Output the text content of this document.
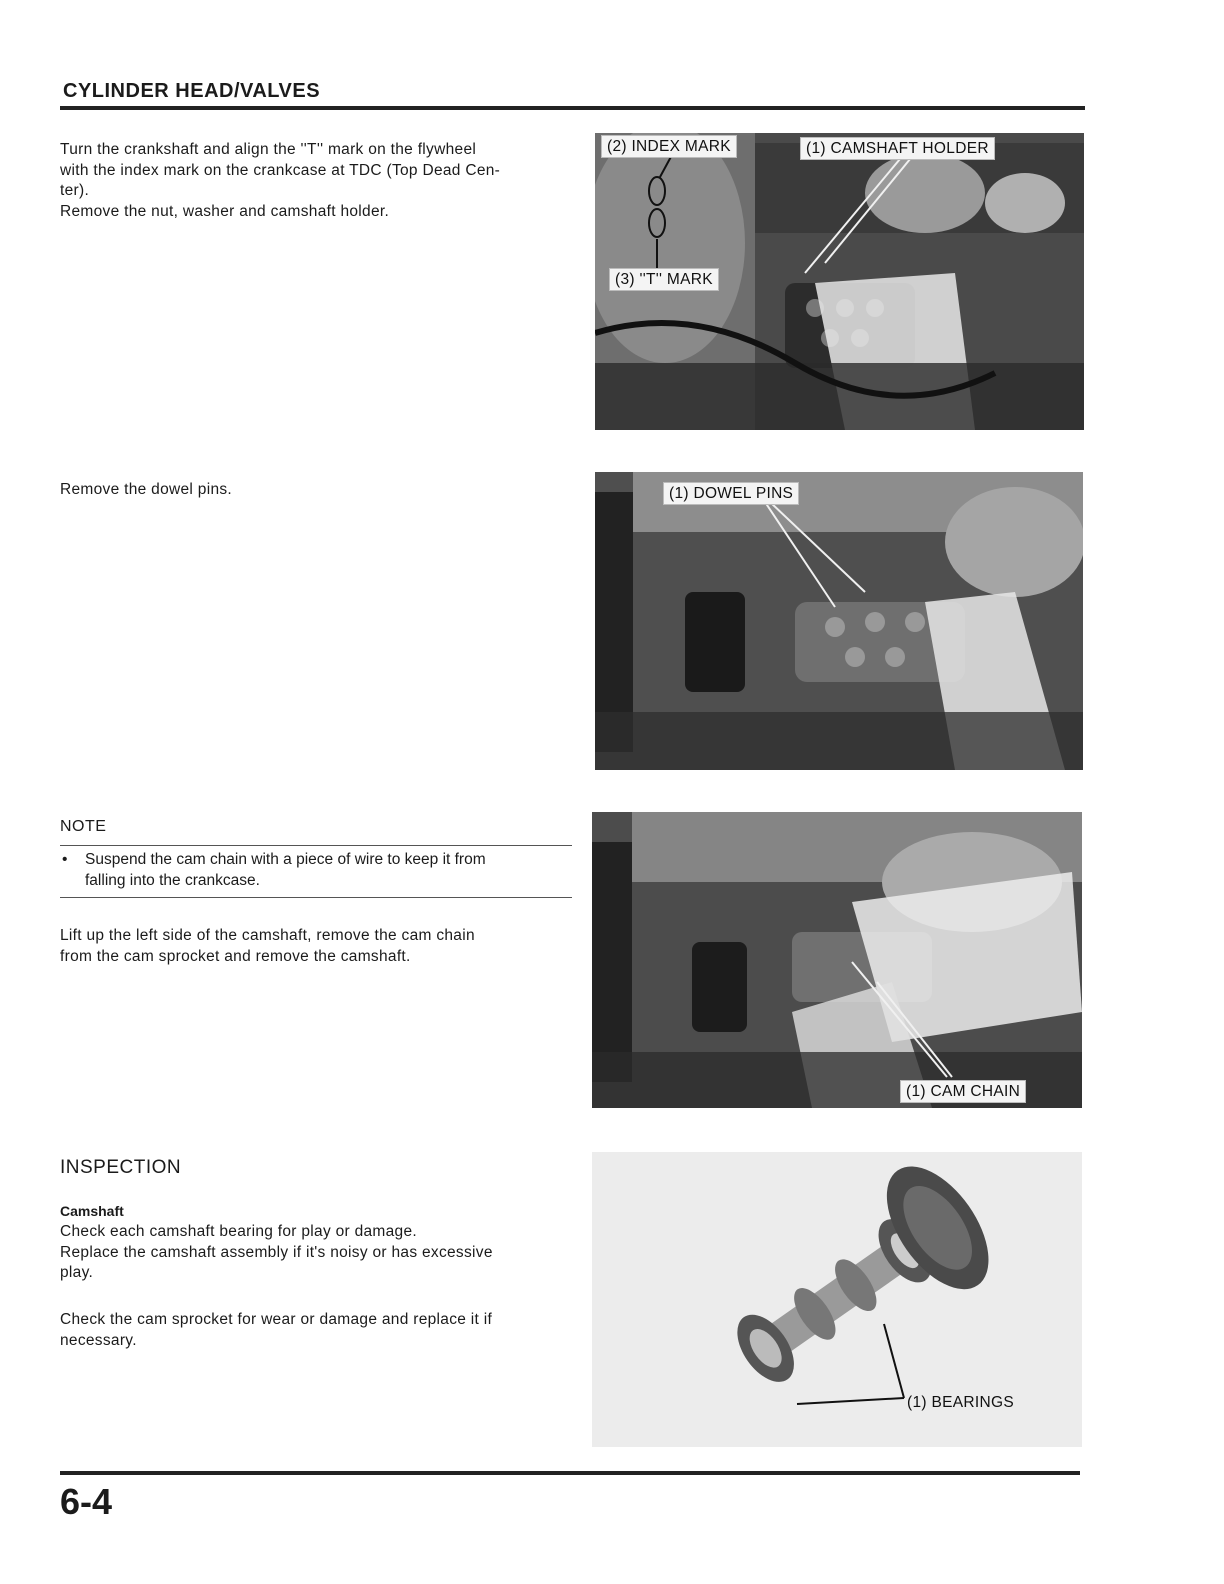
CYLINDER HEAD/VALVES

Turn the crankshaft and align the ''T'' mark on the flywheel

with the index mark on the crankcase at TDC (Top Dead Cen-

ter).

Remove the nut, washer and camshaft holder.

(2) INDEX MARK	(1) CAMSHAFT HOLDER
(3) ''T'' MARK
Remove the dowel pins.	(1) DOWEL PINS
NOTE
• Suspend the cam chain with a piece of wire to keep it from
falling into the crankcase.

Lift up the left side of the camshaft, remove the cam chain

from the cam sprocket and remove the camshaft.

(1) CAM CHAIN
INSPECTION
Camshaft

Check each camshaft bearing for play or damage.

Replace the camshaft assembly if it's noisy or has excessive

play.

Check the cam sprocket for wear or damage and replace it if

necessary.

(1) BEARINGS
6-4
